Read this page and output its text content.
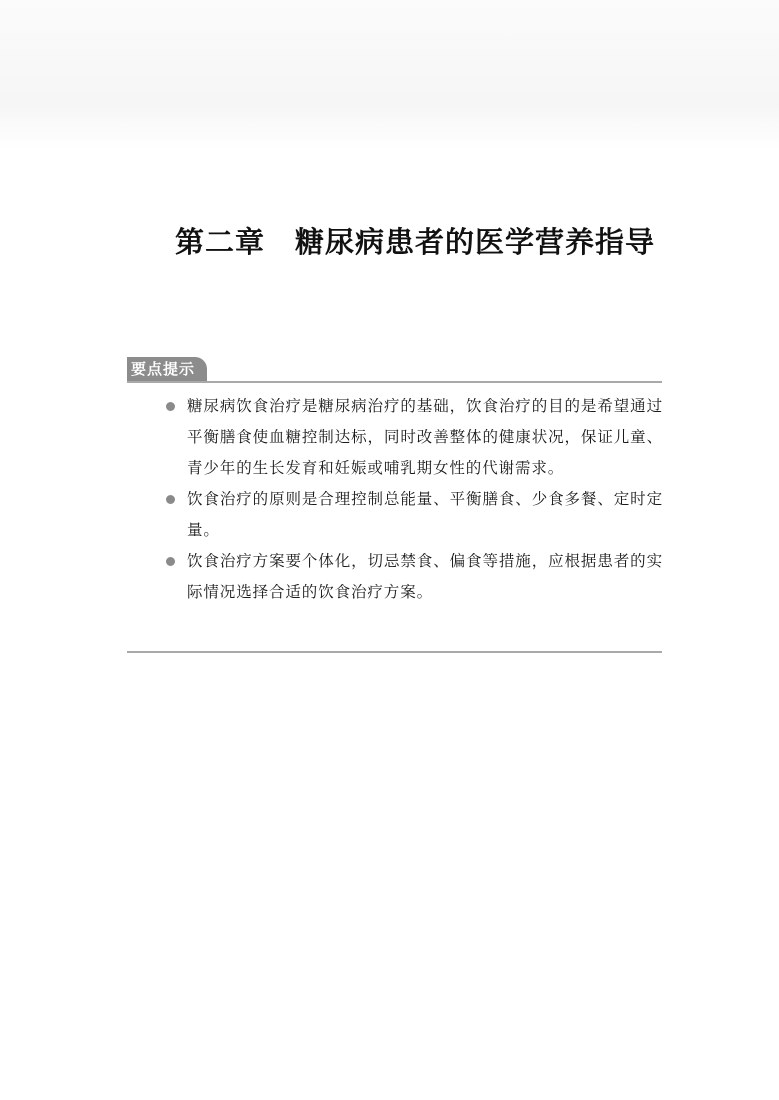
第二章 糖尿病患者的医学营养指导
要点提示
糖尿病饮食治疗是糖尿病治疗的基础，饮食治疗的目的是希望通过平衡膳食使血糖控制达标，同时改善整体的健康状况，保证儿童、青少年的生长发育和妊娠或哺乳期女性的代谢需求。
饮食治疗的原则是合理控制总能量、平衡膳食、少食多餐、定时定量。
饮食治疗方案要个体化，切忌禁食、偏食等措施，应根据患者的实际情况选择合适的饮食治疗方案。
